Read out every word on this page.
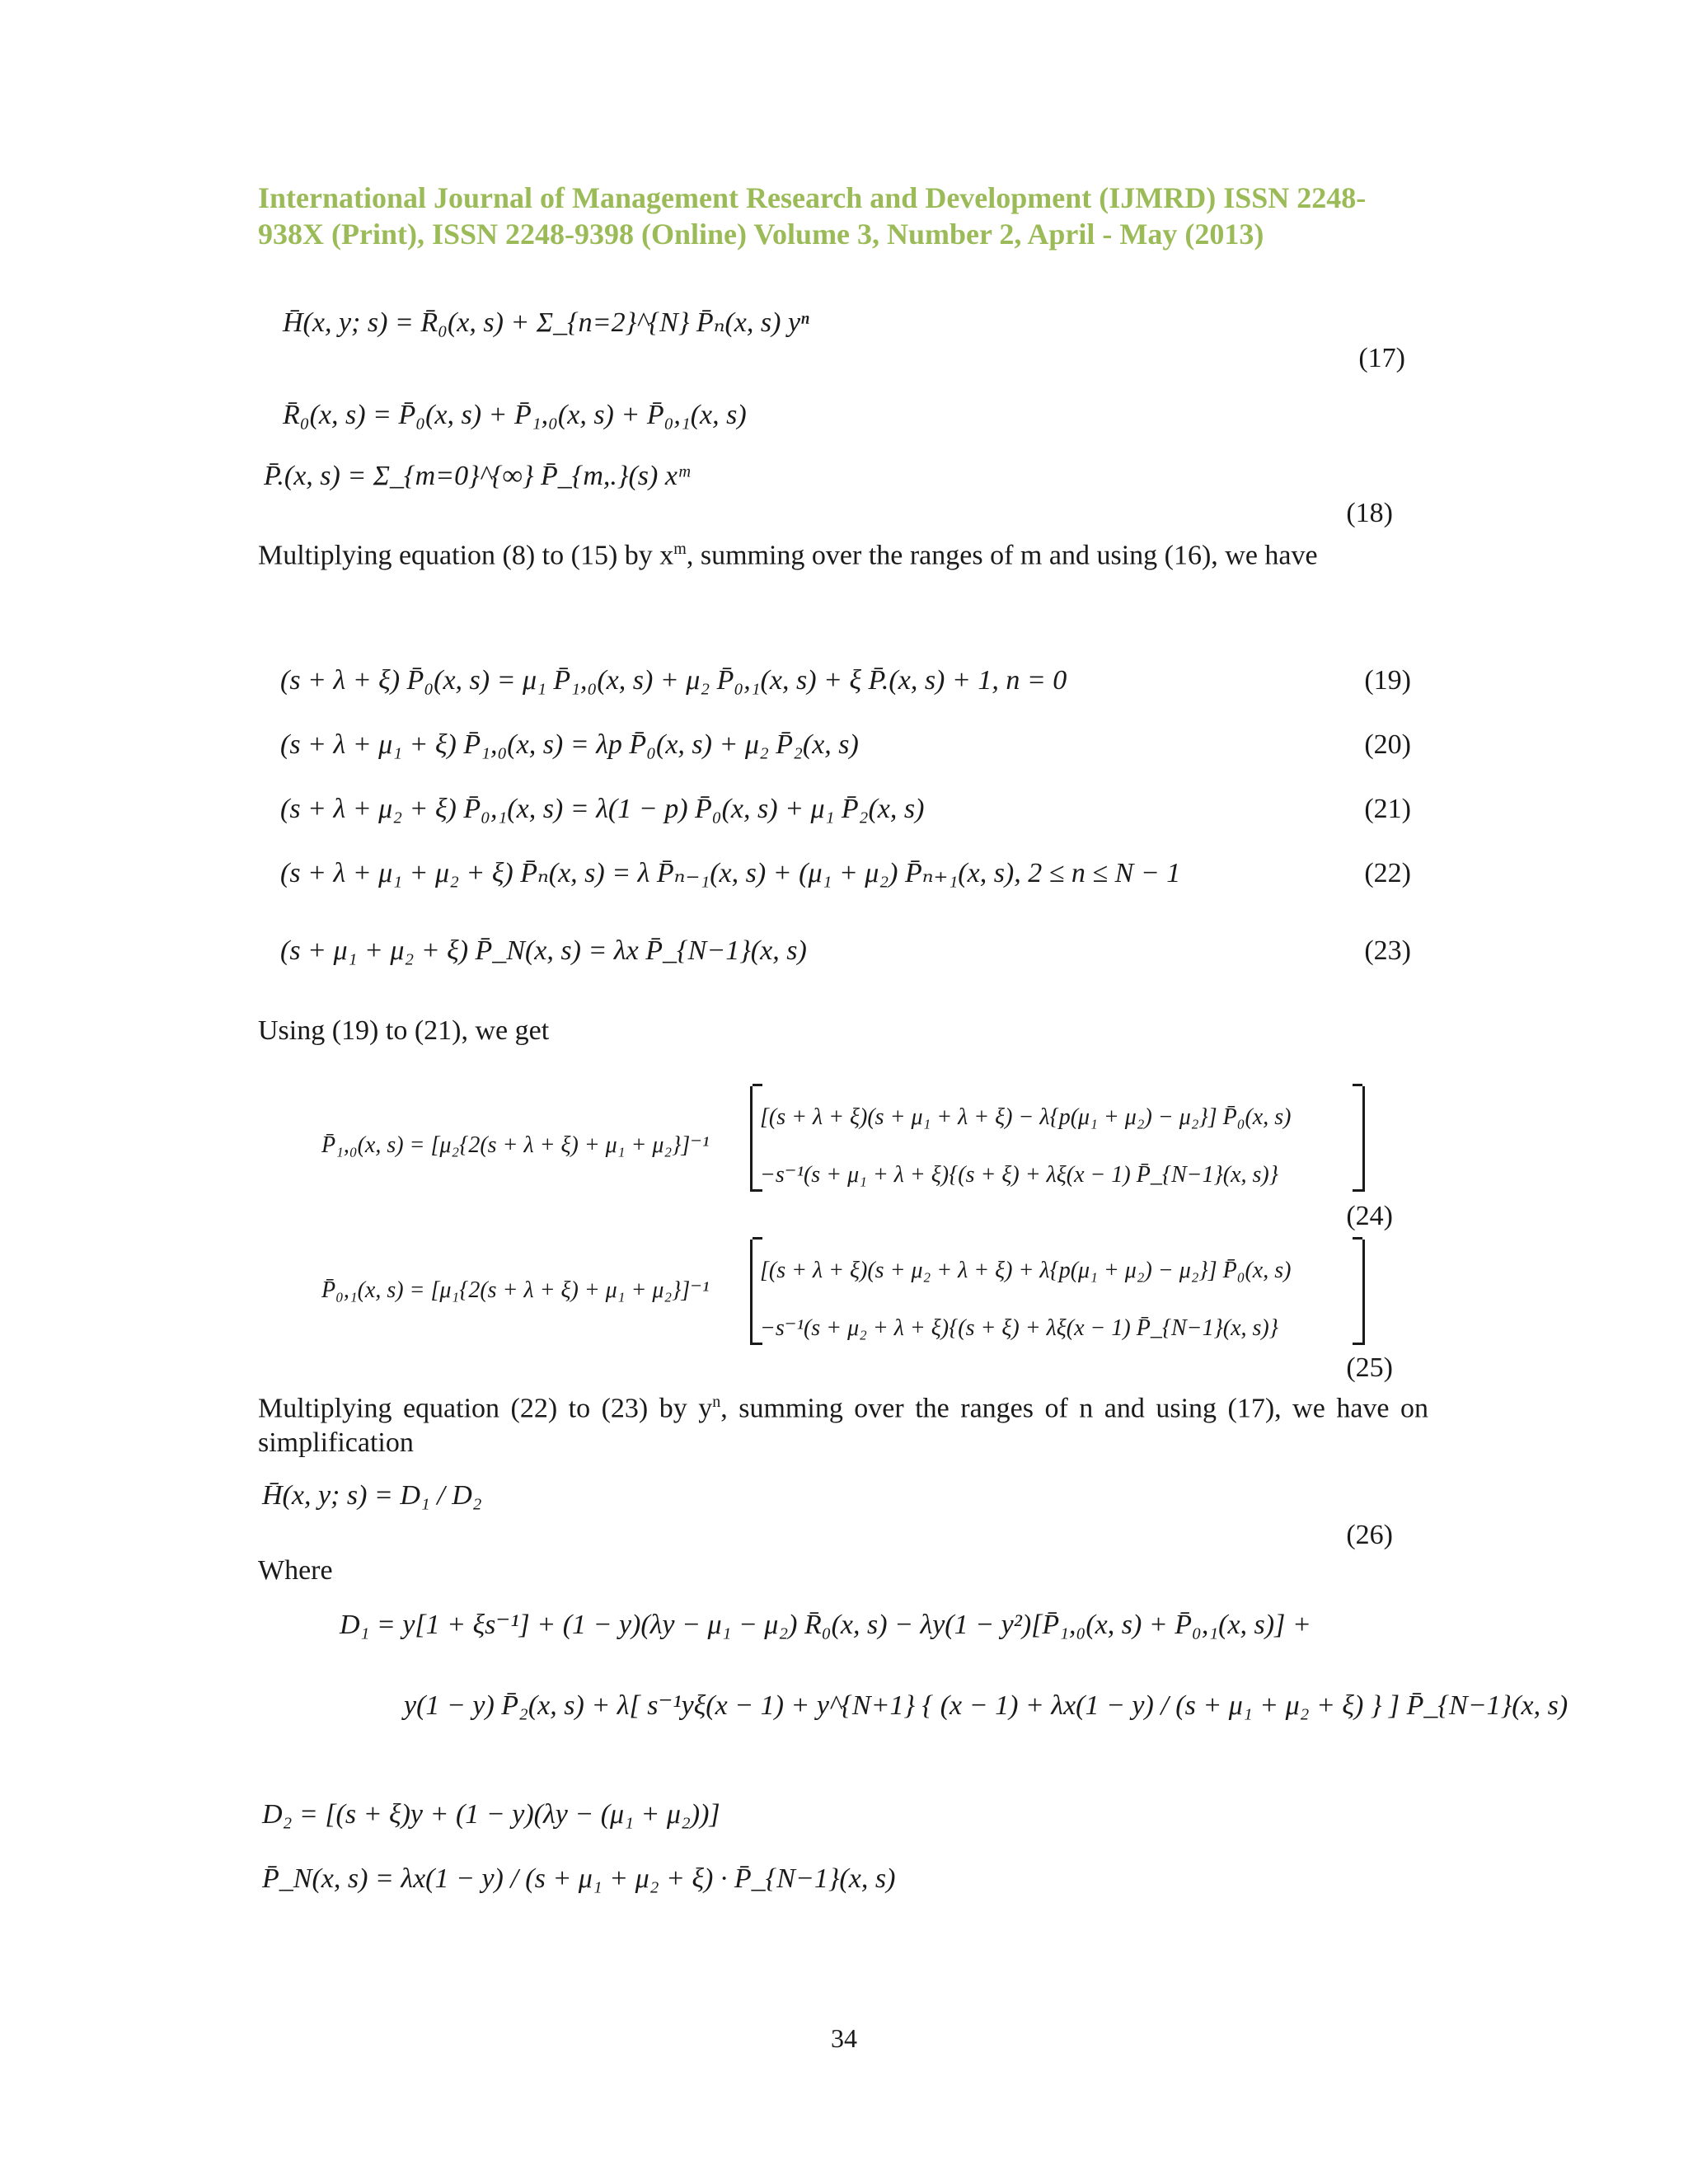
International Journal of Management Research and Development (IJMRD) ISSN 2248-
938X (Print), ISSN 2248-9398 (Online) Volume 3, Number 2, April - May (2013)
H̄(x, y; s) = R̄₀(x, s) + Σ_{n=2}^{N} P̄ₙ(x, s) yⁿ
(17)
R̄₀(x, s) = P̄₀(x, s) + P̄₁,₀(x, s) + P̄₀,₁(x, s)
P̄.(x, s) = Σ_{m=0}^{∞} P̄_{m,.}(s) xᵐ
(18)
Multiplying equation (8) to (15) by $x^m$, summing over the ranges of m and using (16), we have
(s + λ + ξ) P̄₀(x, s) = μ₁ P̄₁,₀(x, s) + μ₂ P̄₀,₁(x, s) + ξ P̄.(x, s) + 1, n = 0	(19)
(s + λ + μ₁ + ξ) P̄₁,₀(x, s) = λp P̄₀(x, s) + μ₂ P̄₂(x, s)	(20)
(s + λ + μ₂ + ξ) P̄₀,₁(x, s) = λ(1 − p) P̄₀(x, s) + μ₁ P̄₂(x, s)	(21)
(s + λ + μ₁ + μ₂ + ξ) P̄ₙ(x, s) = λ P̄ₙ₋₁(x, s) + (μ₁ + μ₂) P̄ₙ₊₁(x, s), 2 ≤ n ≤ N − 1	(22)
(s + μ₁ + μ₂ + ξ) P̄_N(x, s) = λx P̄_{N−1}(x, s)	(23)
Using (19) to (21), we get
P̄₁,₀(x, s) = [μ₂{2(s + λ + ξ) + μ₁ + μ₂}]⁻¹
[(s + λ + ξ)(s + μ₁ + λ + ξ) − λ{p(μ₁ + μ₂) − μ₂}] P̄₀(x, s)
−s⁻¹(s + μ₁ + λ + ξ){(s + ξ) + λξ(x − 1) P̄_{N−1}(x, s)}
(24)
P̄₀,₁(x, s) = [μ₁{2(s + λ + ξ) + μ₁ + μ₂}]⁻¹
[(s + λ + ξ)(s + μ₂ + λ + ξ) + λ{p(μ₁ + μ₂) − μ₂}] P̄₀(x, s)
−s⁻¹(s + μ₂ + λ + ξ){(s + ξ) + λξ(x − 1) P̄_{N−1}(x, s)}
(25)
Multiplying equation (22) to (23) by $y^n$, summing over the ranges of n and using (17), we have on simplification
H̄(x, y; s) = D₁ / D₂
(26)
Where
D₁ = y[1 + ξs⁻¹] + (1 − y)(λy − μ₁ − μ₂) R̄₀(x, s) − λy(1 − y²)[P̄₁,₀(x, s) + P̄₀,₁(x, s)] +
y(1 − y) P̄₂(x, s) + λ[ s⁻¹yξ(x − 1) + y^{N+1} { (x − 1) + λx(1 − y) / (s + μ₁ + μ₂ + ξ) } ] P̄_{N−1}(x, s)
D₂ = [(s + ξ)y + (1 − y)(λy − (μ₁ + μ₂))]
P̄_N(x, s) = λx(1 − y) / (s + μ₁ + μ₂ + ξ) · P̄_{N−1}(x, s)
34
